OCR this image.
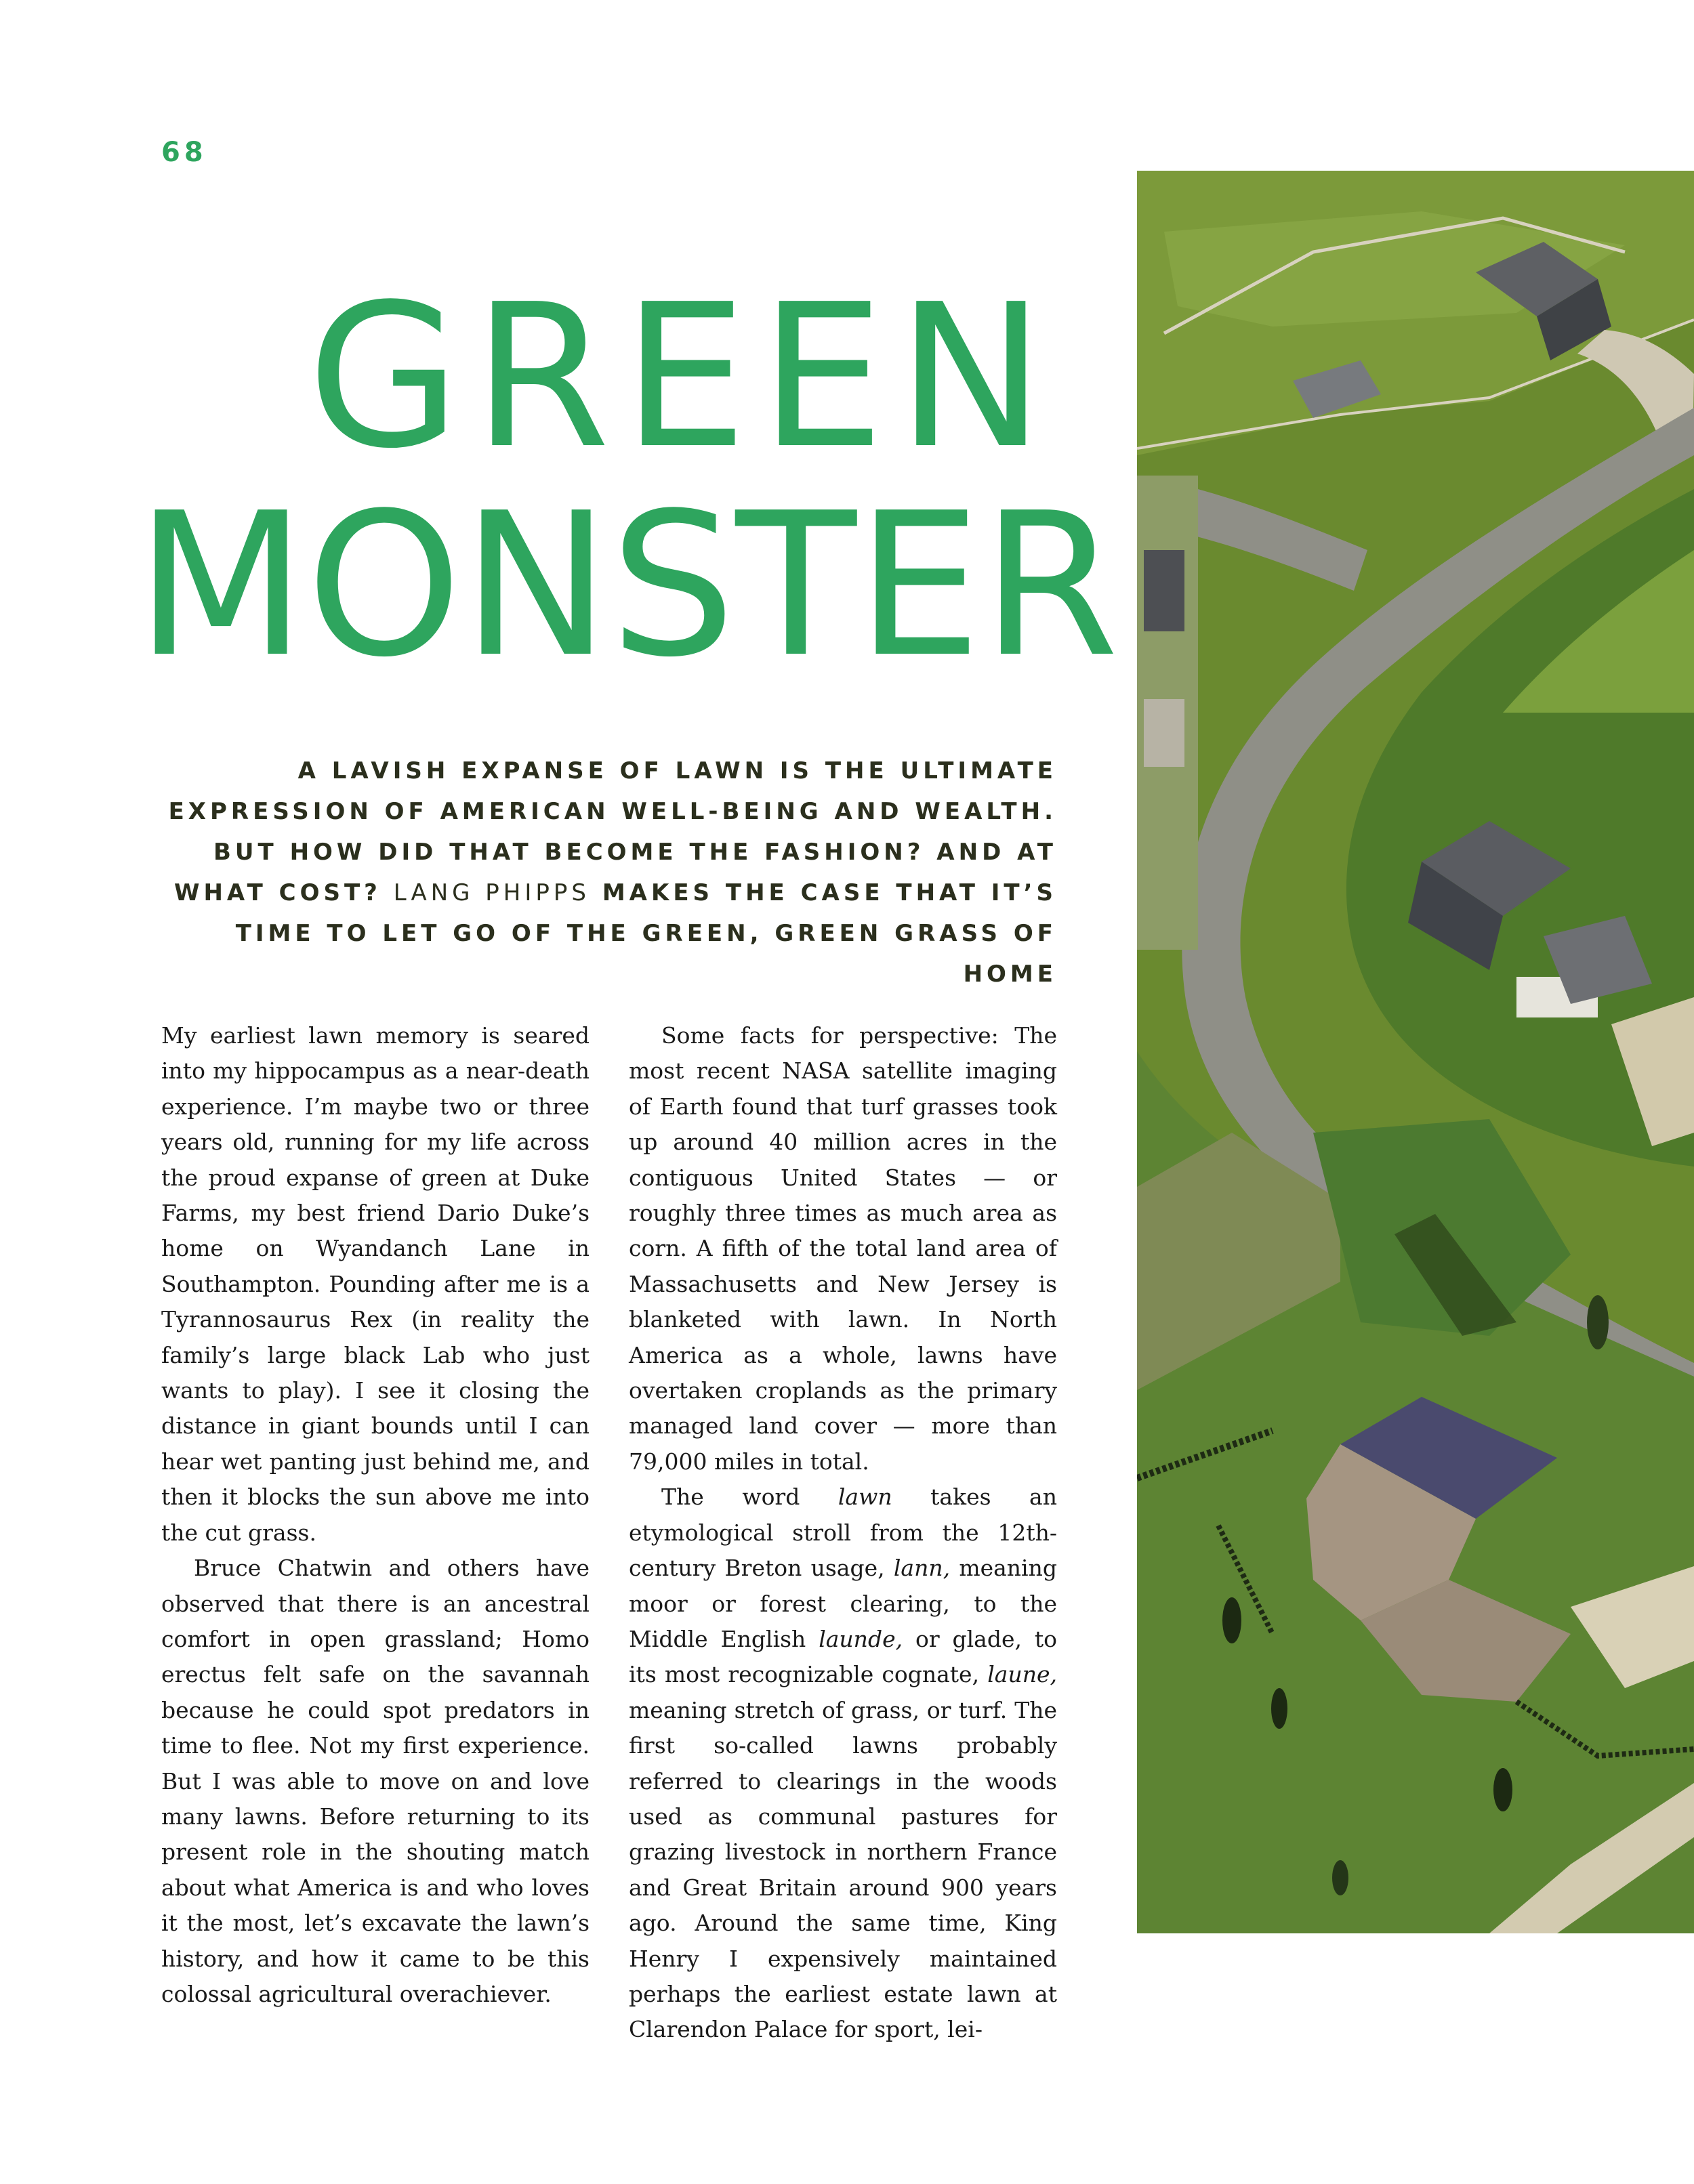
68
GREEN
MONSTER
A LAVISH EXPANSE OF LAWN IS THE ULTIMATE EXPRESSION OF AMERICAN WELL-BEING AND WEALTH. BUT HOW DID THAT BECOME THE FASHION? AND AT WHAT COST? LANG PHIPPS MAKES THE CASE THAT IT’S TIME TO LET GO OF THE GREEN, GREEN GRASS OF HOME

My earliest lawn memory is seared into my hippocampus as a near-death experience. I’m maybe two or three years old, running for my life across the proud expanse of green at Duke Farms, my best friend Dario Duke’s home on Wyandanch Lane in Southampton. Pounding after me is a Tyrannosaurus Rex (in reality the family’s large black Lab who just wants to play). I see it closing the distance in giant bounds until I can hear wet panting just behind me, and then it blocks the sun above me into the cut grass.

Bruce Chatwin and others have observed that there is an ancestral comfort in open grassland; Homo erectus felt safe on the savannah because he could spot predators in time to flee. Not my first experience. But I was able to move on and love many lawns. Before returning to its present role in the shouting match about what America is and who loves it the most, let’s excavate the lawn’s history, and how it came to be this colossal agricultural overachiever.

Some facts for perspective: The most recent NASA satellite imaging of Earth found that turf grasses took up around 40 million acres in the contiguous United States — or roughly three times as much area as corn. A fifth of the total land area of Massachusetts and New Jersey is blanketed with lawn. In North America as a whole, lawns have overtaken croplands as the primary managed land cover — more than 79,000 miles in total.

The word lawn takes an etymological stroll from the 12th-century Breton usage, lann, meaning moor or forest clearing, to the Middle English launde, or glade, to its most recognizable cognate, laune, meaning stretch of grass, or turf. The first so-called lawns probably referred to clearings in the woods used as communal pastures for grazing livestock in northern France and Great Britain around 900 years ago. Around the same time, King Henry I expensively maintained perhaps the earliest estate lawn at Clarendon Palace for sport, lei-
